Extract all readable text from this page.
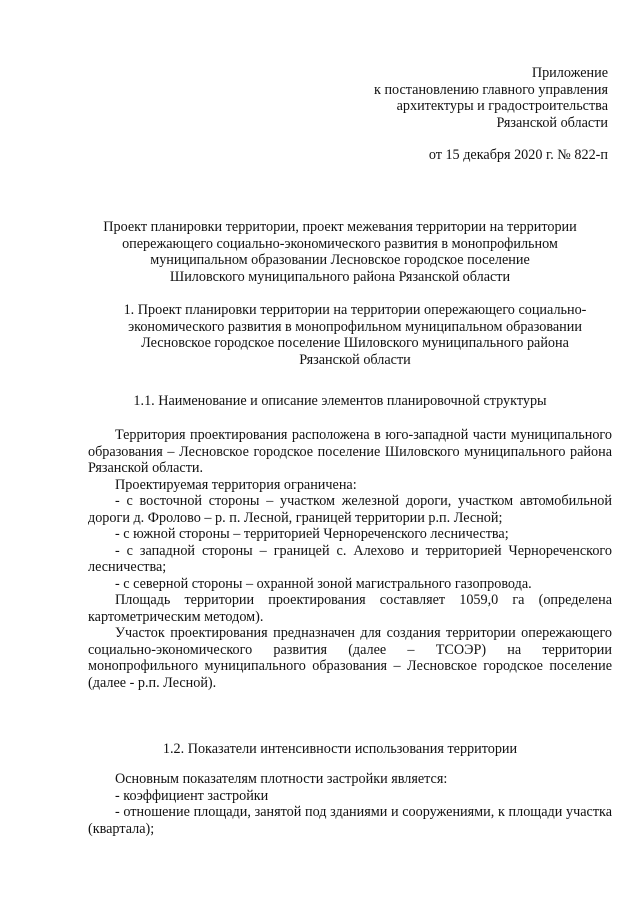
Приложение
к постановлению главного управления
архитектуры и градостроительства
Рязанской области
от 15 декабря 2020 г. № 822-п
Проект планировки территории, проект межевания территории на территории
опережающего социально-экономического развития в монопрофильном
муниципальном образовании Лесновское городское поселение
Шиловского муниципального района Рязанской области
1. Проект планировки территории на территории опережающего социально-
экономического развития в монопрофильном муниципальном образовании
Лесновское городское поселение Шиловского муниципального района
Рязанской области
1.1. Наименование и описание элементов планировочной структуры

Территория проектирования расположена в юго-западной части муниципального образования – Лесновское городское поселение Шиловского муниципального района Рязанской области.

Проектируемая территория ограничена:

- с восточной стороны – участком железной дороги, участком автомобильной дороги д. Фролово – р. п. Лесной, границей территории р.п. Лесной;

- с южной стороны – территорией Чернореченского лесничества;

- с западной стороны – границей с. Алехово и территорией Чернореченского лесничества;

- с северной стороны – охранной зоной магистрального газопровода.

Площадь территории проектирования составляет 1059,0 га (определена картометрическим методом).

Участок проектирования предназначен для создания территории опережающего социально-экономического развития (далее – ТСОЭР) на территории монопрофильного муниципального образования – Лесновское городское поселение (далее - р.п. Лесной).

1.2. Показатели интенсивности использования территории

Основным показателям плотности застройки является:

- коэффициент застройки

- отношение площади, занятой под зданиями и сооружениями, к площади участка (квартала);
